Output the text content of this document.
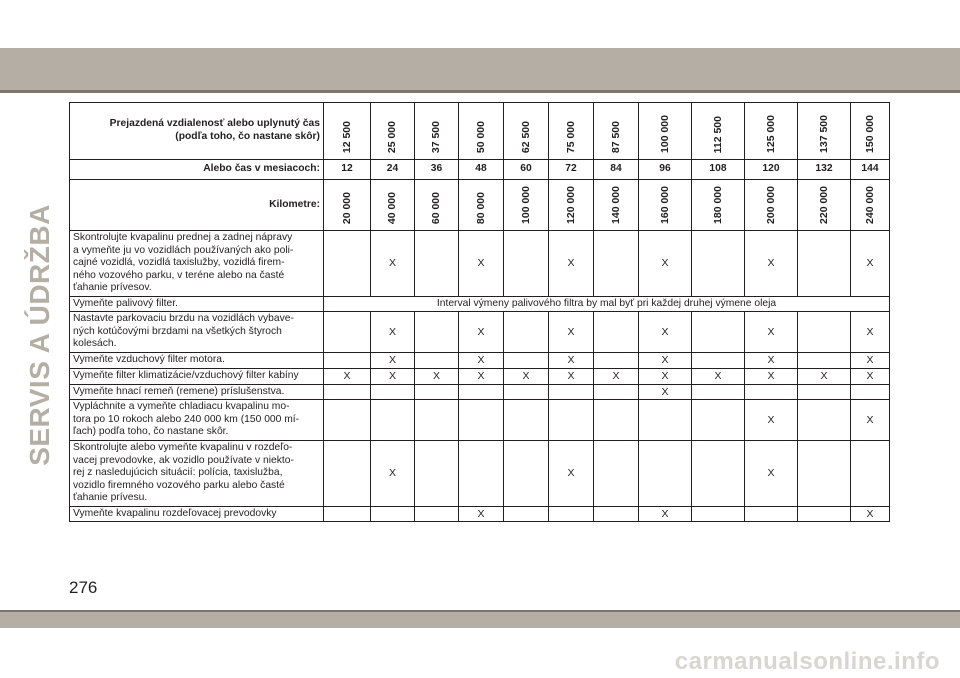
SERVIS A ÚDRŽBA
Prejazdená vzdialenosť alebo uplynutý čas
(podľa toho, čo nastane skôr)	12 500	25 000	37 500	50 000	62 500	75 000	87 500	100 000	112 500	125 000	137 500	150 000
Alebo čas v mesiacoch:	12	24	36	48	60	72	84	96	108	120	132	144
Kilometre:	20 000	40 000	60 000	80 000	100 000	120 000	140 000	160 000	180 000	200 000	220 000	240 000

Skontrolujte kvapalinu prednej a zadnej nápravy
a vymeňte ju vo vozidlách používaných ako poli-
cajné vozidlá, vozidlá taxislužby, vozidlá firem-
ného vozového parku, v teréne alebo na časté
ťahanie prívesov.		X		X		X		X		X		X

Vymeňte palivový filter.	Interval výmeny palivového filtra by mal byť pri každej druhej výmene oleja											

Nastavte parkovaciu brzdu na vozidlách vybave-
ných kotúčovými brzdami na všetkých štyroch
kolesách.		X		X		X		X		X		X

Vymeňte vzduchový filter motora.		X		X		X		X		X		X

Vymeňte filter klimatizácie/vzduchový filter kabíny	X	X	X	X	X	X	X	X	X	X	X	X

Vymeňte hnací remeň (remene) príslušenstva.								X				

Vypláchnite a vymeňte chladiacu kvapalinu mo-
tora po 10 rokoch alebo 240 000 km (150 000 mí-
ľach) podľa toho, čo nastane skôr.										X		X

Skontrolujte alebo vymeňte kvapalinu v rozdeľo-
vacej prevodovke, ak vozidlo používate v niekto-
rej z nasledujúcich situácií: polícia, taxislužba,
vozidlo firemného vozového parku alebo časté
ťahanie prívesu.		X				X				X		

Vymeňte kvapalinu rozdeľovacej prevodovky				X				X				X
276
carmanualsonline.info
